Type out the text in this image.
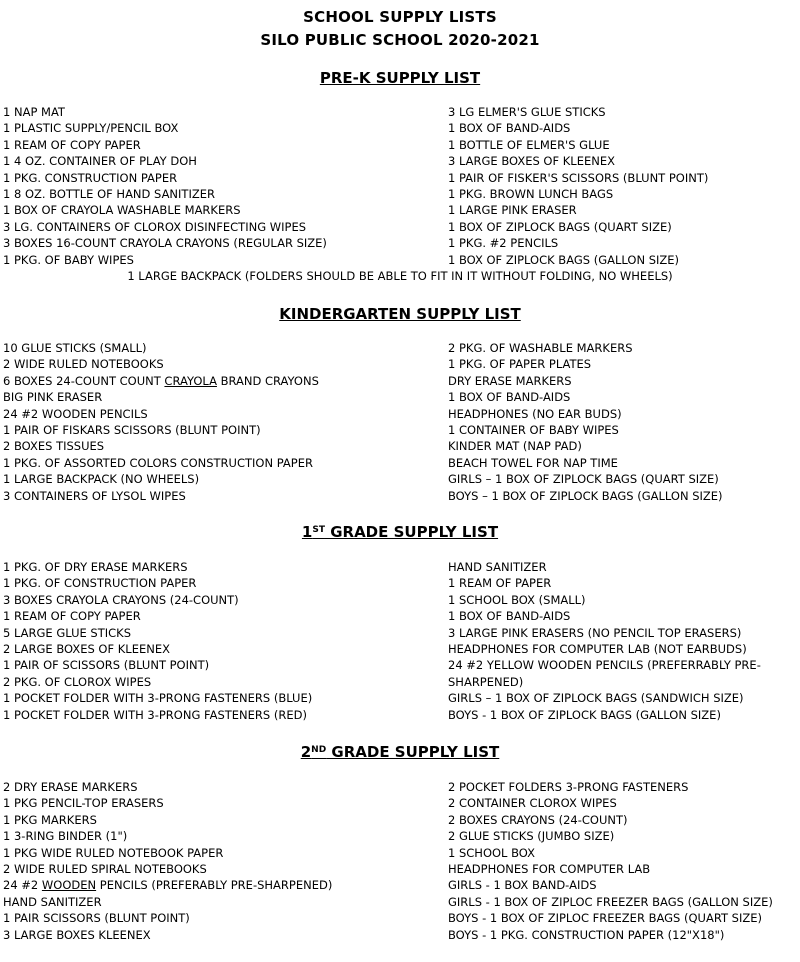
SCHOOL SUPPLY LISTS
SILO PUBLIC SCHOOL 2020-2021
PRE-K SUPPLY LIST
1 NAP MAT
1 PLASTIC SUPPLY/PENCIL BOX
1 REAM OF COPY PAPER
1 4 OZ. CONTAINER OF PLAY DOH
1 PKG. CONSTRUCTION PAPER
1 8 OZ. BOTTLE OF HAND SANITIZER
1 BOX OF CRAYOLA WASHABLE MARKERS
3 LG. CONTAINERS OF CLOROX DISINFECTING WIPES
3 BOXES 16-COUNT CRAYOLA CRAYONS (REGULAR SIZE)
1 PKG. OF BABY WIPES
3 LG ELMER'S GLUE STICKS
1 BOX OF BAND-AIDS
1 BOTTLE OF ELMER'S GLUE
3 LARGE BOXES OF KLEENEX
1 PAIR OF FISKER'S SCISSORS (BLUNT POINT)
1 PKG. BROWN LUNCH BAGS
1 LARGE PINK ERASER
1 BOX OF ZIPLOCK BAGS (QUART SIZE)
1 PKG. #2 PENCILS
1 BOX OF ZIPLOCK BAGS (GALLON SIZE)
1 LARGE BACKPACK (FOLDERS SHOULD BE ABLE TO FIT IN IT WITHOUT FOLDING, NO WHEELS)
KINDERGARTEN SUPPLY LIST
10 GLUE STICKS (SMALL)
2 WIDE RULED NOTEBOOKS
6 BOXES 24-COUNT COUNT CRAYOLA BRAND CRAYONS
BIG PINK ERASER
24 #2 WOODEN PENCILS
1 PAIR OF FISKARS SCISSORS (BLUNT POINT)
2 BOXES TISSUES
1 PKG. OF ASSORTED COLORS CONSTRUCTION PAPER
1 LARGE BACKPACK (NO WHEELS)
3 CONTAINERS OF LYSOL WIPES
2 PKG. OF WASHABLE MARKERS
1 PKG. OF PAPER PLATES
DRY ERASE MARKERS
1 BOX OF BAND-AIDS
HEADPHONES (NO EAR BUDS)
1 CONTAINER OF BABY WIPES
KINDER MAT (NAP PAD)
BEACH TOWEL FOR NAP TIME
GIRLS – 1 BOX OF ZIPLOCK BAGS (QUART SIZE)
BOYS – 1 BOX OF ZIPLOCK BAGS (GALLON SIZE)
1ST GRADE SUPPLY LIST
1 PKG. OF DRY ERASE MARKERS
1 PKG. OF CONSTRUCTION PAPER
3 BOXES CRAYOLA CRAYONS (24-COUNT)
1 REAM OF COPY PAPER
5 LARGE GLUE STICKS
2 LARGE BOXES OF KLEENEX
1 PAIR OF SCISSORS (BLUNT POINT)
2 PKG. OF CLOROX WIPES
1 POCKET FOLDER WITH 3-PRONG FASTENERS (BLUE)
1 POCKET FOLDER WITH 3-PRONG FASTENERS (RED)
HAND SANITIZER
1 REAM OF PAPER
1 SCHOOL BOX (SMALL)
1 BOX OF BAND-AIDS
3 LARGE PINK ERASERS (NO PENCIL TOP ERASERS)
HEADPHONES FOR COMPUTER LAB (NOT EARBUDS)
24 #2 YELLOW WOODEN PENCILS (PREFERRABLY PRE-
SHARPENED)
GIRLS – 1 BOX OF ZIPLOCK BAGS (SANDWICH SIZE)
BOYS - 1 BOX OF ZIPLOCK BAGS (GALLON SIZE)
2ND GRADE SUPPLY LIST
2 DRY ERASE MARKERS
1 PKG PENCIL-TOP ERASERS
1 PKG MARKERS
1 3-RING BINDER (1")
1 PKG WIDE RULED NOTEBOOK PAPER
2 WIDE RULED SPIRAL NOTEBOOKS
24 #2 WOODEN PENCILS (PREFERABLY PRE-SHARPENED)
HAND SANITIZER
1 PAIR SCISSORS (BLUNT POINT)
3 LARGE BOXES KLEENEX
2 POCKET FOLDERS 3-PRONG FASTENERS
2 CONTAINER CLOROX WIPES
2 BOXES CRAYONS (24-COUNT)
2 GLUE STICKS (JUMBO SIZE)
1 SCHOOL BOX
HEADPHONES FOR COMPUTER LAB
GIRLS - 1 BOX BAND-AIDS
GIRLS - 1 BOX OF ZIPLOC FREEZER BAGS (GALLON SIZE)
BOYS - 1 BOX OF ZIPLOC FREEZER BAGS (QUART SIZE)
BOYS - 1 PKG. CONSTRUCTION PAPER (12"X18")
